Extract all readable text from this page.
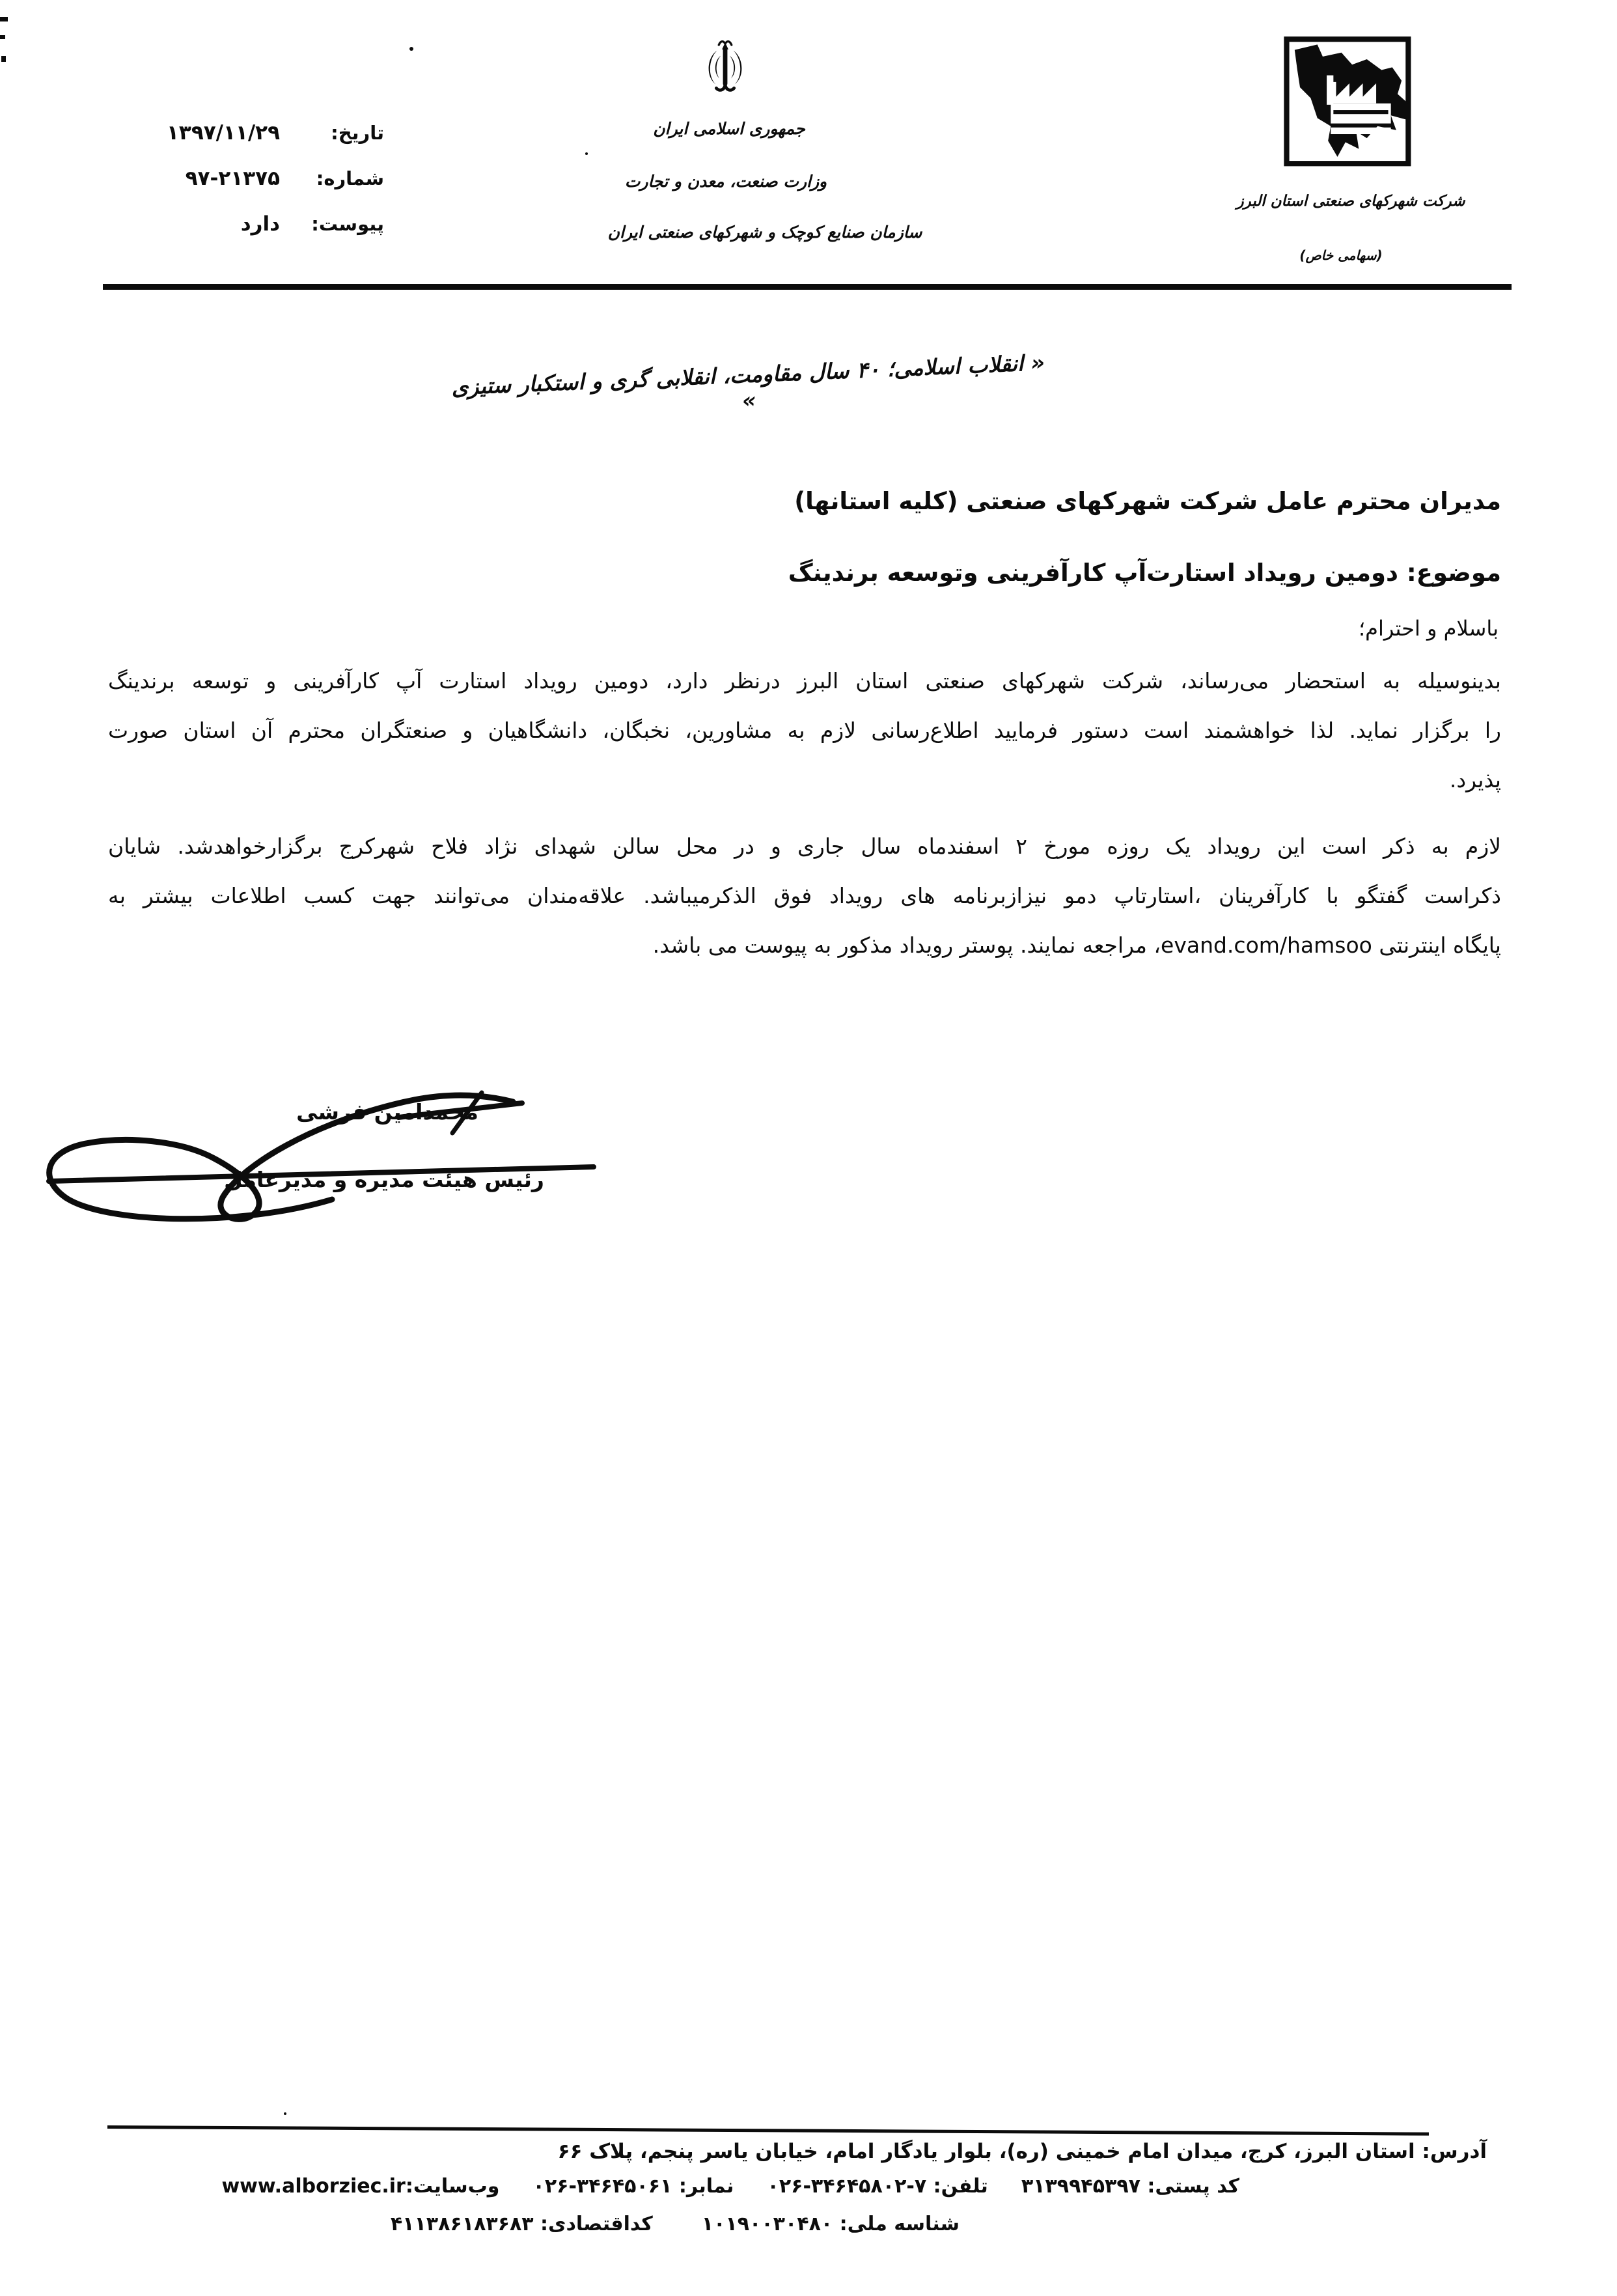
تاریخ:
۱۳۹۷/۱۱/۲۹
شماره:
۹۷-۲۱۳۷۵
پیوست:
دارد
جمهوری اسلامی ایران
وزارت صنعت، معدن و تجارت
سازمان صنایع کوچک و شهرکهای صنعتی ایران
شرکت شهرکهای صنعتی استان البرز
(سهامی خاص)
« انقلاب اسلامی؛ ۴۰ سال مقاومت، انقلابی گری و استکبار ستیزی »
مدیران محترم عامل شرکت شهرکهای صنعتی (کلیه استانها)
موضوع: دومین رویداد استارت‌آپ کارآفرینی وتوسعه برندینگ
باسلام و احترام؛
بدینوسیله به استحضار می‌رساند، شرکت شهرکهای صنعتی استان البرز درنظر دارد، دومین رویداد استارت آپ کارآفرینی و توسعه برندینگ
را برگزار نماید. لذا خواهشمند است دستور فرمایید اطلاع‌رسانی لازم به مشاورین، نخبگان، دانشگاهیان و صنعتگران محترم آن استان صورت
پذیرد.
لازم به ذکر است این رویداد یک روزه مورخ ۲ اسفندماه سال جاری و در محل سالن شهدای نژاد فلاح شهرکرج برگزارخواهدشد. شایان
ذکراست گفتگو با کارآفرینان ،استارتاپ دمو نیزازبرنامه های رویداد فوق الذکرمیباشد. علاقه‌مندان می‌توانند جهت کسب اطلاعات بیشتر به
پایگاه اینترنتی evand.com/hamsoo، مراجعه نمایند. پوستر رویداد مذکور به پیوست می باشد.
محمدامین فرشی
رئیس هیئت مدیره و مدیرعامل
آدرس: استان البرز، کرج، میدان امام خمینی (ره)، بلوار یادگار امام، خیابان یاسر پنجم، پلاک ۶۶
کد پستی: ۳۱۳۹۹۴۵۳۹۷ تلفن: ۰۲۶-۳۴۶۴۵۸۰۲-۷ نمابر: ۰۲۶-۳۴۶۴۵۰۶۱ وب‌سایت:www.alborziec.ir
شناسه ملی: ۱۰۱۹۰۰۳۰۴۸۰ کداقتصادی: ۴۱۱۳۸۶۱۸۳۶۸۳
